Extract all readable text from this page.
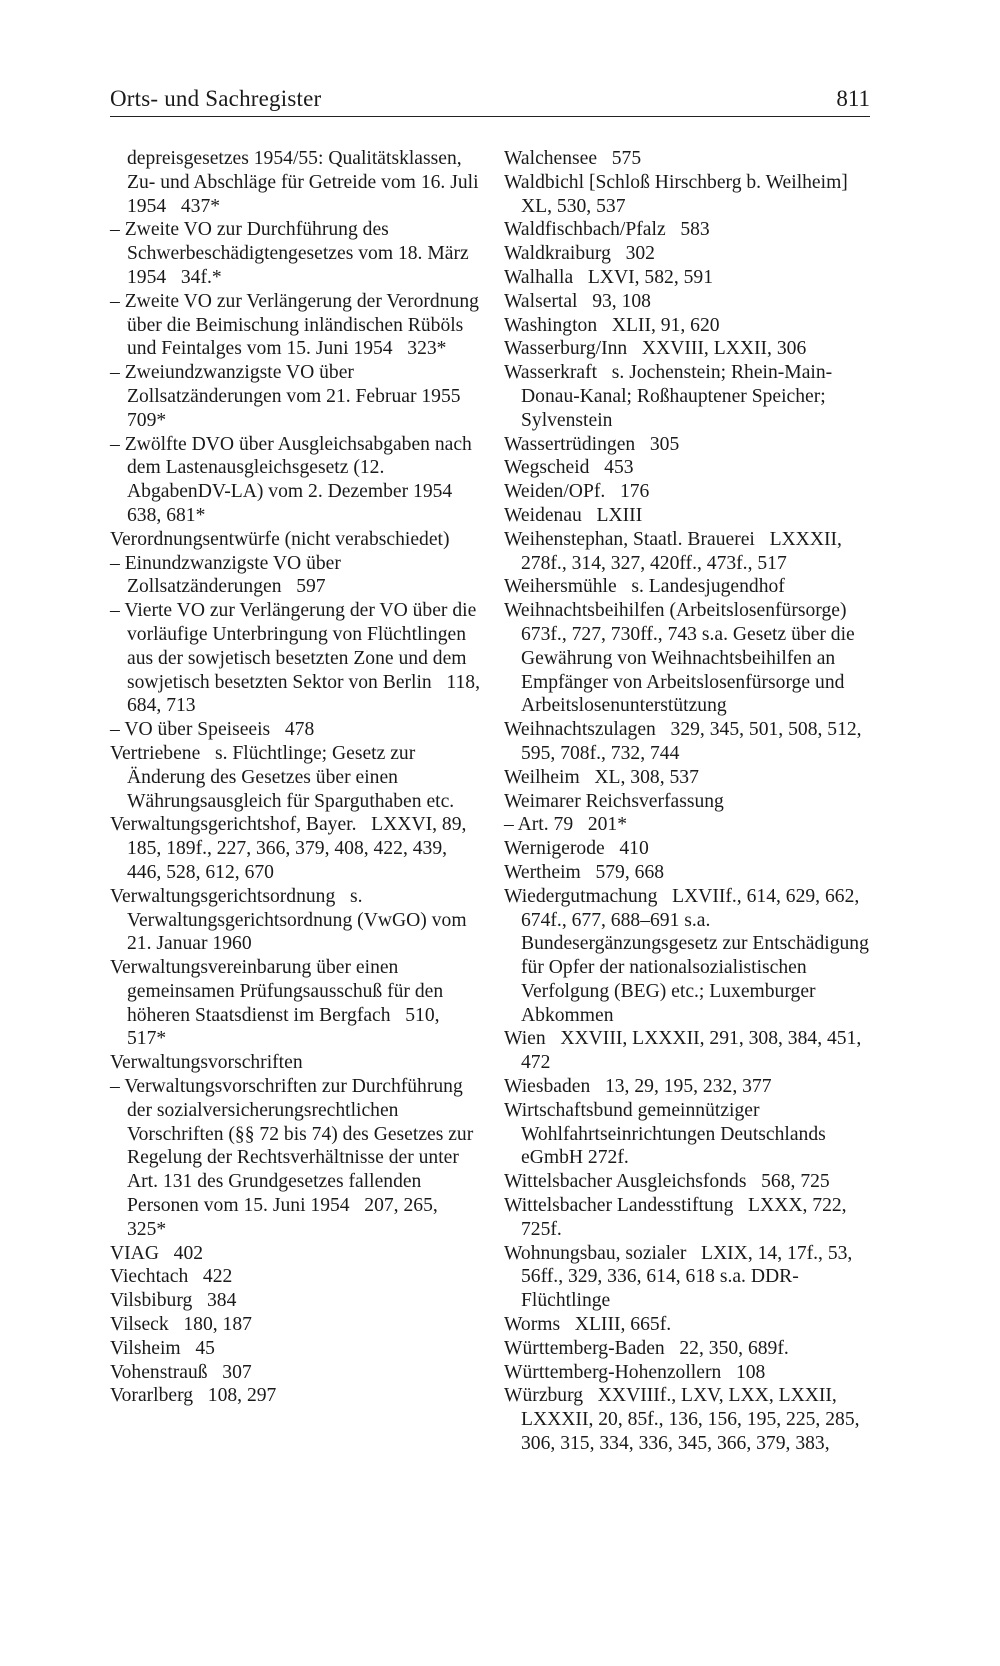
Orts- und Sachregister	811

depreisgesetzes 1954/55: Qualitätsklassen, Zu- und Abschläge für Getreide vom 16. Juli 1954   437*

– Zweite VO zur Durchführung des Schwerbeschädigtengesetzes vom 18. März 1954   34f.*

– Zweite VO zur Verlängerung der Verordnung über die Beimischung inländischen Rüböls und Feintalges vom 15. Juni 1954   323*

– Zweiundzwanzigste VO über Zollsatzänderungen vom 21. Februar 1955   709*

– Zwölfte DVO über Ausgleichsabgaben nach dem Lastenausgleichsgesetz (12. AbgabenDV-LA) vom 2. Dezember 1954   638, 681*

Verordnungsentwürfe (nicht verabschiedet)

– Einundzwanzigste VO über Zollsatzänderungen   597

– Vierte VO zur Verlängerung der VO über die vorläufige Unterbringung von Flüchtlingen aus der sowjetisch besetzten Zone und dem sowjetisch besetzten Sektor von Berlin   118, 684, 713

– VO über Speiseeis   478

Vertriebene   s. Flüchtlinge; Gesetz zur Änderung des Gesetzes über einen Währungsausgleich für Sparguthaben etc.

Verwaltungsgerichtshof, Bayer.   LXXVI, 89, 185, 189f., 227, 366, 379, 408, 422, 439, 446, 528, 612, 670

Verwaltungsgerichtsordnung   s. Verwaltungsgerichtsordnung (VwGO) vom 21. Januar 1960

Verwaltungsvereinbarung über einen gemeinsamen Prüfungsausschuß für den höheren Staatsdienst im Bergfach   510, 517*

Verwaltungsvorschriften

– Verwaltungsvorschriften zur Durchführung der sozialversicherungsrechtlichen Vorschriften (§§ 72 bis 74) des Gesetzes zur Regelung der Rechtsverhältnisse der unter Art. 131 des Grundgesetzes fallenden Personen vom 15. Juni 1954   207, 265, 325*

VIAG   402

Viechtach   422

Vilsbiburg   384

Vilseck   180, 187

Vilsheim   45

Vohenstrauß   307

Vorarlberg   108, 297

Walchensee   575

Waldbichl [Schloß Hirschberg b. Weilheim]   XL, 530, 537

Waldfischbach/Pfalz   583

Waldkraiburg   302

Walhalla   LXVI, 582, 591

Walsertal   93, 108

Washington   XLII, 91, 620

Wasserburg/Inn   XXVIII, LXXII, 306

Wasserkraft   s. Jochenstein; Rhein-Main-Donau-Kanal; Roßhauptener Speicher; Sylvenstein

Wassertrüdingen   305

Wegscheid   453

Weiden/OPf.   176

Weidenau   LXIII

Weihenstephan, Staatl. Brauerei   LXXXII, 278f., 314, 327, 420ff., 473f., 517

Weihersmühle   s. Landesjugendhof

Weihnachtsbeihilfen (Arbeitslosenfürsorge) 673f., 727, 730ff., 743 s.a. Gesetz über die Gewährung von Weihnachtsbeihilfen an Empfänger von Arbeitslosenfürsorge und Arbeitslosenunterstützung

Weihnachtszulagen   329, 345, 501, 508, 512, 595, 708f., 732, 744

Weilheim   XL, 308, 537

Weimarer Reichsverfassung

– Art. 79   201*

Wernigerode   410

Wertheim   579, 668

Wiedergutmachung   LXVIIf., 614, 629, 662, 674f., 677, 688–691 s.a. Bundesergänzungsgesetz zur Entschädigung für Opfer der nationalsozialistischen Verfolgung (BEG) etc.; Luxemburger Abkommen

Wien   XXVIII, LXXXII, 291, 308, 384, 451, 472

Wiesbaden   13, 29, 195, 232, 377

Wirtschaftsbund gemeinnütziger Wohlfahrtseinrichtungen Deutschlands eGmbH 272f.

Wittelsbacher Ausgleichsfonds   568, 725

Wittelsbacher Landesstiftung   LXXX, 722, 725f.

Wohnungsbau, sozialer   LXIX, 14, 17f., 53, 56ff., 329, 336, 614, 618 s.a. DDR-Flüchtlinge

Worms   XLIII, 665f.

Württemberg-Baden   22, 350, 689f.

Württemberg-Hohenzollern   108

Würzburg   XXVIIIf., LXV, LXX, LXXII, LXXXII, 20, 85f., 136, 156, 195, 225, 285, 306, 315, 334, 336, 345, 366, 379, 383,
